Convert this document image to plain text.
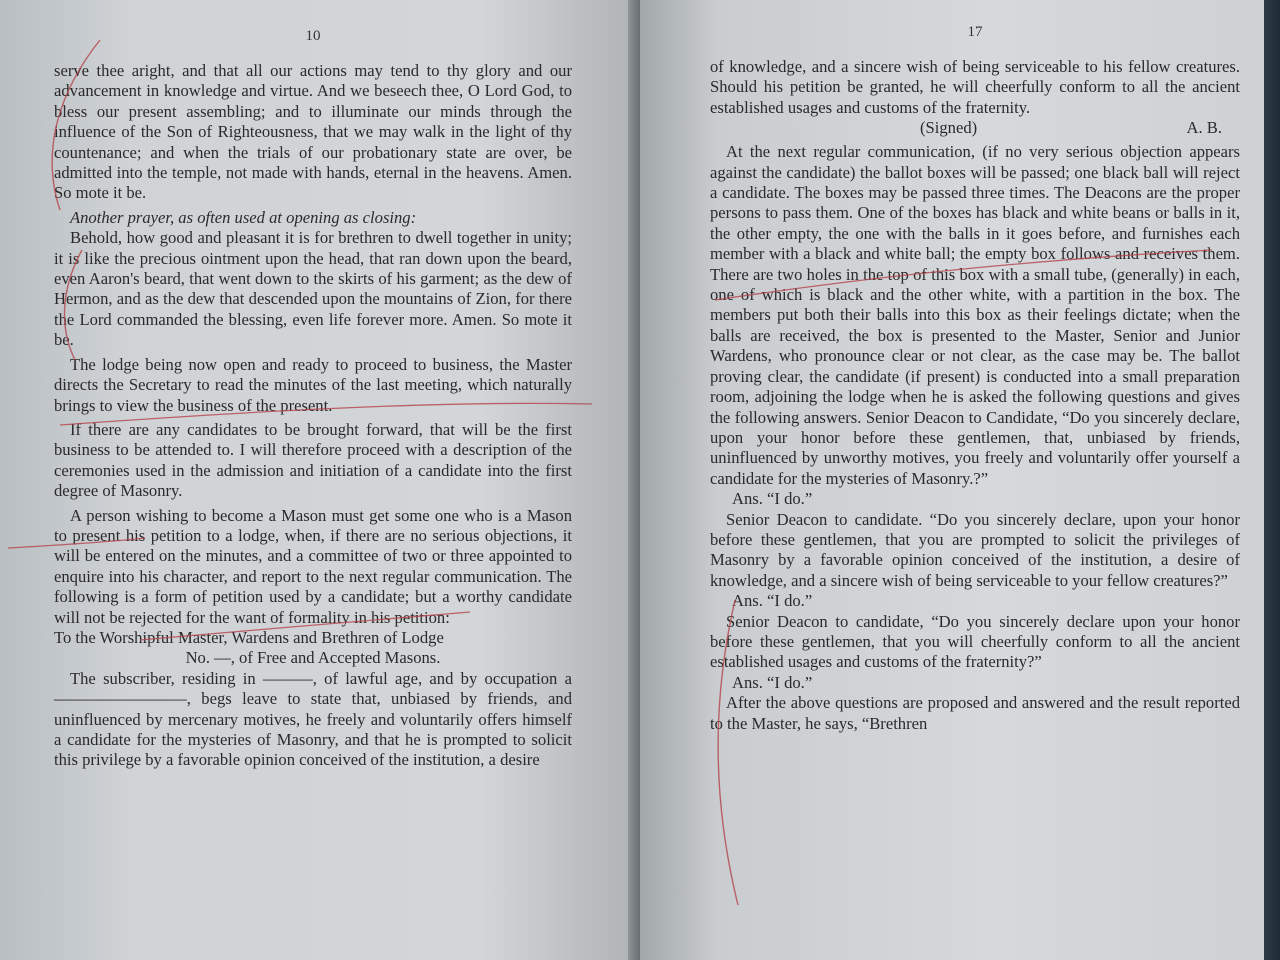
10

serve thee aright, and that all our actions may tend to thy glory and our advancement in knowledge and virtue. And we beseech thee, O Lord God, to bless our present assembling; and to illuminate our minds through the influence of the Son of Righteousness, that we may walk in the light of thy countenance; and when the trials of our probationary state are over, be admitted into the temple, not made with hands, eternal in the heavens. Amen. So mote it be.

Another prayer, as often used at opening as closing:

Behold, how good and pleasant it is for brethren to dwell together in unity; it is like the precious ointment upon the head, that ran down upon the beard, even Aaron's beard, that went down to the skirts of his garment; as the dew of Hermon, and as the dew that descended upon the mountains of Zion, for there the Lord commanded the blessing, even life forever more. Amen. So mote it be.

The lodge being now open and ready to proceed to business, the Master directs the Secretary to read the minutes of the last meeting, which naturally brings to view the business of the present.

If there are any candidates to be brought forward, that will be the first business to be attended to. I will therefore proceed with a description of the ceremonies used in the admission and initiation of a candidate into the first degree of Masonry.

A person wishing to become a Mason must get some one who is a Mason to present his petition to a lodge, when, if there are no serious objections, it will be entered on the minutes, and a committee of two or three appointed to enquire into his character, and report to the next regular communication. The following is a form of petition used by a candidate; but a worthy candidate will not be rejected for the want of formality in his petition:

To the Worshipful Master, Wardens and Brethren of Lodge

No. —, of Free and Accepted Masons.

The subscriber, residing in ———, of lawful age, and by occupation a ————————, begs leave to state that, unbiased by friends, and uninfluenced by mercenary motives, he freely and voluntarily offers himself a candidate for the mysteries of Masonry, and that he is prompted to solicit this privilege by a favorable opinion conceived of the institution, a desire

17

of knowledge, and a sincere wish of being serviceable to his fellow creatures. Should his petition be granted, he will cheerfully conform to all the ancient established usages and customs of the fraternity.

(Signed)	A. B.

At the next regular communication, (if no very serious objection appears against the candidate) the ballot boxes will be passed; one black ball will reject a candidate. The boxes may be passed three times. The Deacons are the proper persons to pass them. One of the boxes has black and white beans or balls in it, the other empty, the one with the balls in it goes before, and furnishes each member with a black and white ball; the empty box follows and receives them. There are two holes in the top of this box with a small tube, (generally) in each, one of which is black and the other white, with a partition in the box. The members put both their balls into this box as their feelings dictate; when the balls are received, the box is presented to the Master, Senior and Junior Wardens, who pronounce clear or not clear, as the case may be. The ballot proving clear, the candidate (if present) is conducted into a small preparation room, adjoining the lodge when he is asked the following questions and gives the following answers. Senior Deacon to Candidate, “Do you sincerely declare, upon your honor before these gentlemen, that, unbiased by friends, uninfluenced by unworthy motives, you freely and voluntarily offer yourself a candidate for the mysteries of Masonry.?”

Ans. “I do.”

Senior Deacon to candidate. “Do you sincerely declare, upon your honor before these gentlemen, that you are prompted to solicit the privileges of Masonry by a favorable opinion conceived of the institution, a desire of knowledge, and a sincere wish of being serviceable to your fellow creatures?”

Ans. “I do.”

Senior Deacon to candidate, “Do you sincerely declare upon your honor before these gentlemen, that you will cheerfully conform to all the ancient established usages and customs of the fraternity?”

Ans. “I do.”

After the above questions are proposed and answered and the result reported to the Master, he says, “Brethren
